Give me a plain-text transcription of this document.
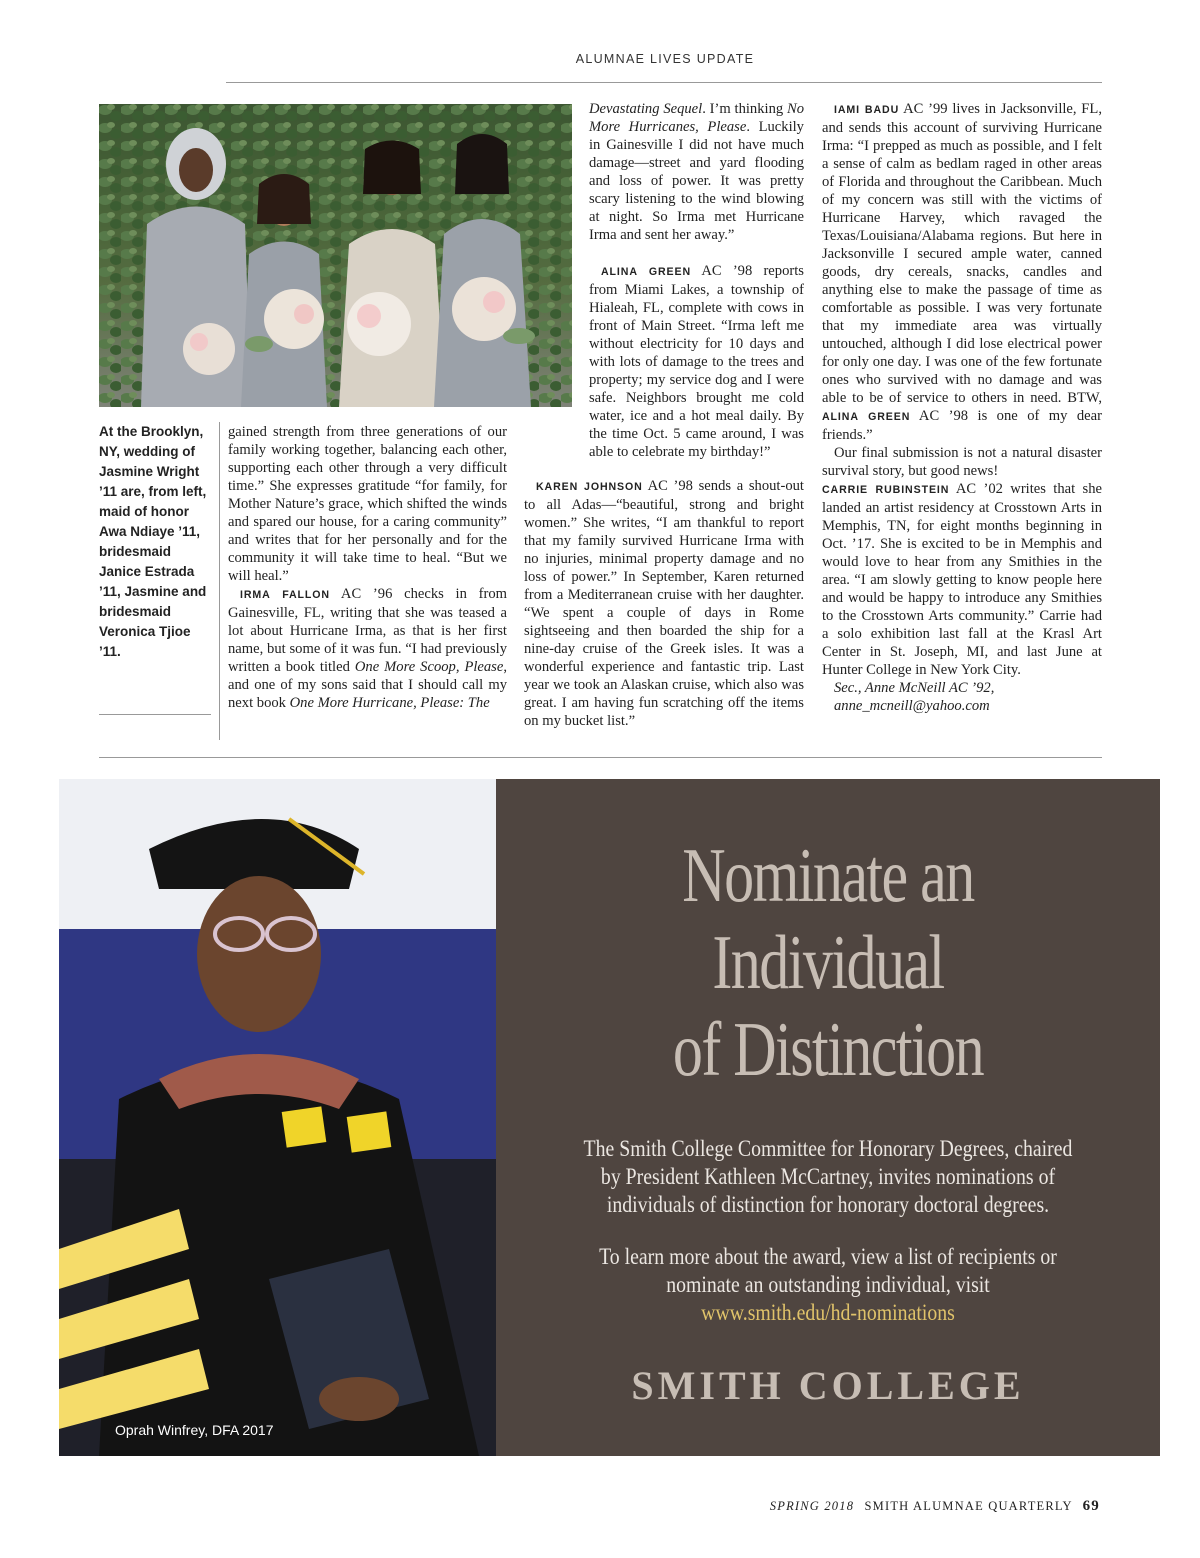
ALUMNAE LIVES UPDATE
At the Brooklyn, NY, wedding of Jasmine Wright ’11 are, from left, maid of honor Awa Ndiaye ’11, bridesmaid Janice Estrada ’11, Jasmine and bridesmaid Veronica Tjioe ’11.

gained strength from three generations of our family working together, balancing each other, supporting each other through a very difficult time.” She expresses gratitude “for family, for Mother Nature’s grace, which shifted the winds and spared our house, for a caring community” and writes that for her personally and for the community it will take time to heal. “But we will heal.”

IRMA FALLON AC ’96 checks in from Gainesville, FL, writing that she was teased a lot about Hurricane Irma, as that is her first name, but some of it was fun. “I had previously written a book titled One More Scoop, Please, and one of my sons said that I should call my next book One More Hurricane, Please: The

Devastating Sequel. I’m thinking No More Hurricanes, Please. Luckily in Gainesville I did not have much damage—street and yard flooding and loss of power. It was pretty scary listening to the wind blowing at night. So Irma met Hurricane Irma and sent her away.”

ALINA GREEN AC ’98 reports from Miami Lakes, a township of Hialeah, FL, complete with cows in front of Main Street. “Irma left me without electricity for 10 days and with lots of damage to the trees and property; my service dog and I were safe. Neighbors brought me cold water, ice and a hot meal daily. By the time Oct. 5 came around, I was able to celebrate my birthday!”

KAREN JOHNSON AC ’98 sends a shout-out to all Adas—“beautiful, strong and bright women.” She writes, “I am thankful to report that my family survived Hurricane Irma with no injuries, minimal property damage and no loss of power.” In September, Karen returned from a Mediterranean cruise with her daughter. “We spent a couple of days in Rome sightseeing and then boarded the ship for a nine-day cruise of the Greek isles. It was a wonderful experience and fantastic trip. Last year we took an Alaskan cruise, which also was great. I am having fun scratching off the items on my bucket list.”

IAMI BADU AC ’99 lives in Jacksonville, FL, and sends this account of surviving Hurricane Irma: “I prepped as much as possible, and I felt a sense of calm as bedlam raged in other areas of Florida and throughout the Caribbean. Much of my concern was still with the victims of Hurricane Harvey, which ravaged the Texas/Louisiana/Alabama regions. But here in Jacksonville I secured ample water, canned goods, dry cereals, snacks, candles and anything else to make the passage of time as comfortable as possible. I was very fortunate that my immediate area was virtually untouched, although I did lose electrical power for only one day. I was one of the few fortunate ones who survived with no damage and was able to be of service to others in need. BTW, ALINA GREEN AC ’98 is one of my dear friends.”

Our final submission is not a natural disaster survival story, but good news!

CARRIE RUBINSTEIN AC ’02 writes that she landed an artist residency at Crosstown Arts in Memphis, TN, for eight months beginning in Oct. ’17. She is excited to be in Memphis and would love to hear from any Smithies in the area. “I am slowly getting to know people here and would be happy to introduce any Smithies to the Crosstown Arts community.” Carrie had a solo exhibition last fall at the Krasl Art Center in St. Joseph, MI, and last June at Hunter College in New York City.

Sec., Anne McNeill AC ’92,

anne_mcneill@yahoo.com

Oprah Winfrey, DFA 2017
Nominate an
Individual
of Distinction
The Smith College Committee for Honorary Degrees, chaired
by President Kathleen McCartney, invites nominations of
individuals of distinction for honorary doctoral degrees.
To learn more about the award, view a list of recipients or
nominate an outstanding individual, visit
www.smith.edu/hd-nominations
SMITH COLLEGE
SPRING 2018 SMITH ALUMNAE QUARTERLY 69
